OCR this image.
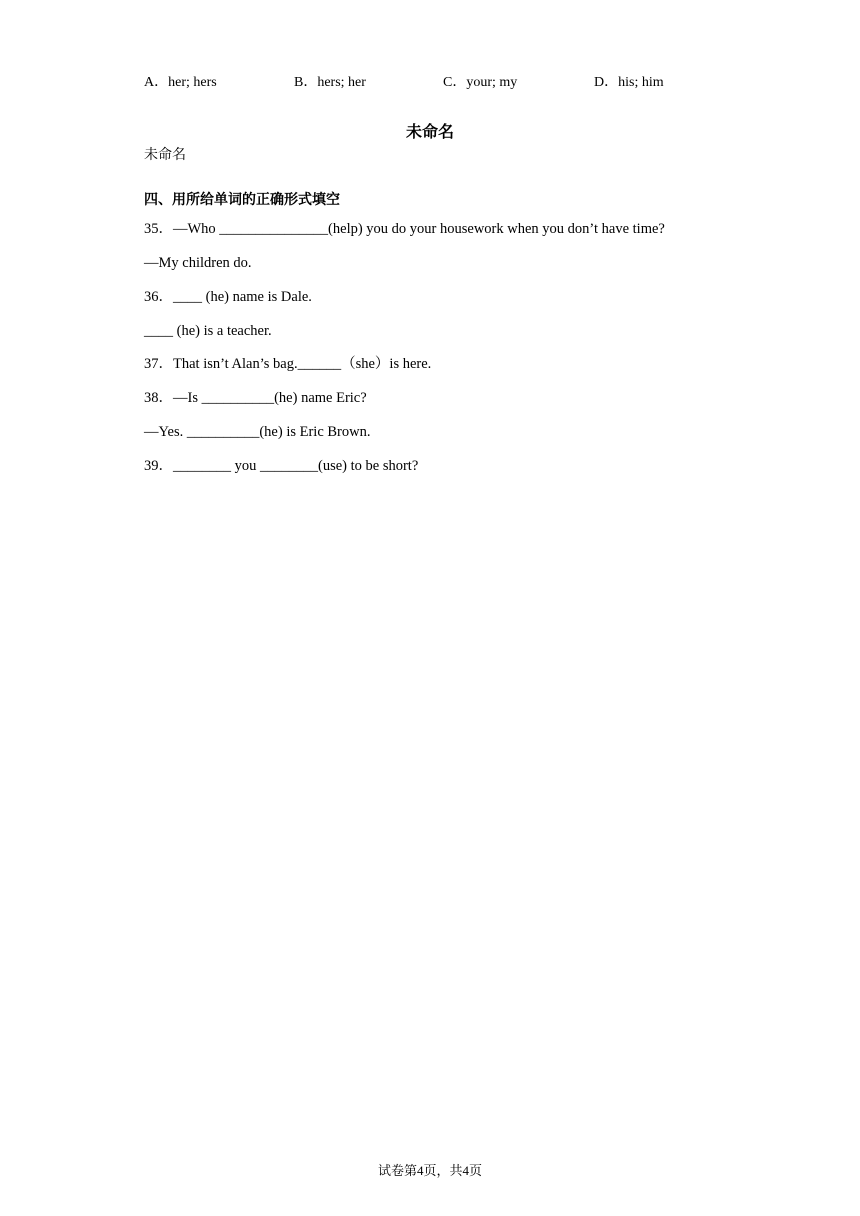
A．her; hers	B．hers; her	C．your; my	D．his; him
未命名
未命名
四、用所给单词的正确形式填空
35．—Who _______________(help) you do your housework when you don’t have time?
—My children do.
36．____ (he) name is Dale.
____ (he) is a teacher.
37．That isn’t Alan’s bag.______（she）is here.
38．—Is __________(he) name Eric?
—Yes. __________(he) is Eric Brown.
39．________ you ________(use) to be short?
试卷第4页，共4页
